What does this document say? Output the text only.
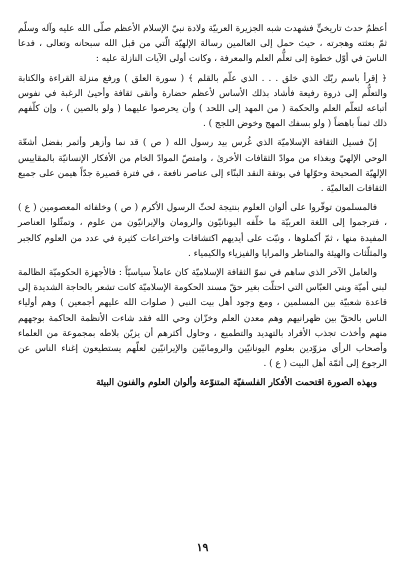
أعظمُ حدث تاريخيٍّ فشهدت شبه الجزيرة العربيّة ولادة نبيّ الإسلام الأعظم صلّى الله عليه وآله وسلّم ثمّ بعثته وهجرته ، حيث حمل إلى العالمين رسالة الإلهيّة الّتي من قبل الله سبحانه وتعالى ، فدعا الناسَ في أوّل خطوة إلى تعلُّم العلم والمعرفة ، وكانت أولى الآيات النازلة عليه :

﴿ إقرأ باسم ربّك الذي خلق . . . الذي علّم بالقلم ﴾ ( سورة العلق ) ورفع منزلة القراءة والكتابة والتعلُّم إلى ذروة رفيعة فأشاد بذلك الأساس لأعظم حضارة وأنقى ثقافة وأحيىٰ الرغبة في نفوس أتباعه لتعلّم العلم والحكمة ( من المهد إلى اللحد ) وأن يحرصوا عليهما ( ولو بالصين ) ، وإن كلّفهم ذلك ثمناً باهضاً ( ولو بسفك المهج وخوض اللجج ) .

إنّ فسيل الثقافة الإسلاميّة الذي غُرس بيد رسول الله ( ص ) قد نما وأزهر وأثمر بفضل أشعّة الوحي الإلهيّ وبغذاء من موادّ الثقافات الأخرىٰ ، وامتصّ الموادّ الخام من الأفكار الإنسانيّة بالمقاييس الإلهيّة الصحيحة وحوّلها في بوتقة النقد البنّاء إلى عناصر نافعة ، في فترة قصيرة جدّاً هيمن على جميع الثقافات العالميّة .

فالمسلمون توفّروا على ألوان العلوم بنتيجة لحثّ الرسول الأكرم ( ص ) وخلفائه المعصومين ( ع ) ، فترجموا إلى اللغة العربيّة ما خلّفه اليونانيّون والرومان والإيرانيّون من علوم ، وتمثّلوا العناصر المفيدة منها ، ثمّ أكملوها ، ونبّت على أيديهم اكتشافات واختراعات كثيرة في عدد من العلوم كالجبر والمثلّثات والهيئة والمناظر والمرايا والفيزياء والكيمياء .

والعامل الآخر الذي ساهم في نموّ الثقافة الإسلاميّة كان عاملاً سياسيّاً : فالأجهزة الحكوميّة الظالمة لبني أميّة وبني العبّاس التي احتلّت بغير حقّ مسند الحكومة الإسلاميّة كانت تشعر بالحاجة الشديدة إلى قاعدة شعبيّة بين المسلمين ، ومع وجود أهل بيت النبي ( صلوات الله عليهم أجمعين ) وهم أولياء الناس بالحقّ بين ظهرانيهم وهم معدن العلم وخزّان وحي الله فقد شاءت الأنظمة الحاكمة بوجههم منهم وأخذت تجذب الأفراد بالتهديد والتطميع ، وحاول أكثرهم أن يزيّن بلاطه بمجموعة من العلماء وأصحاب الرأي مزوّدين بعلوم اليونانيّين والرومانيّين والإيرانيّين لعلّهم يستطيعون إغناء الناس عن الرجوع إلى أئمّة أهل البيت ( ع ) .

وبهذه الصورة اقتحمت الأفكار الفلسفيّة المتنوّعة وألوان العلوم والفنون البيئة

١٩
